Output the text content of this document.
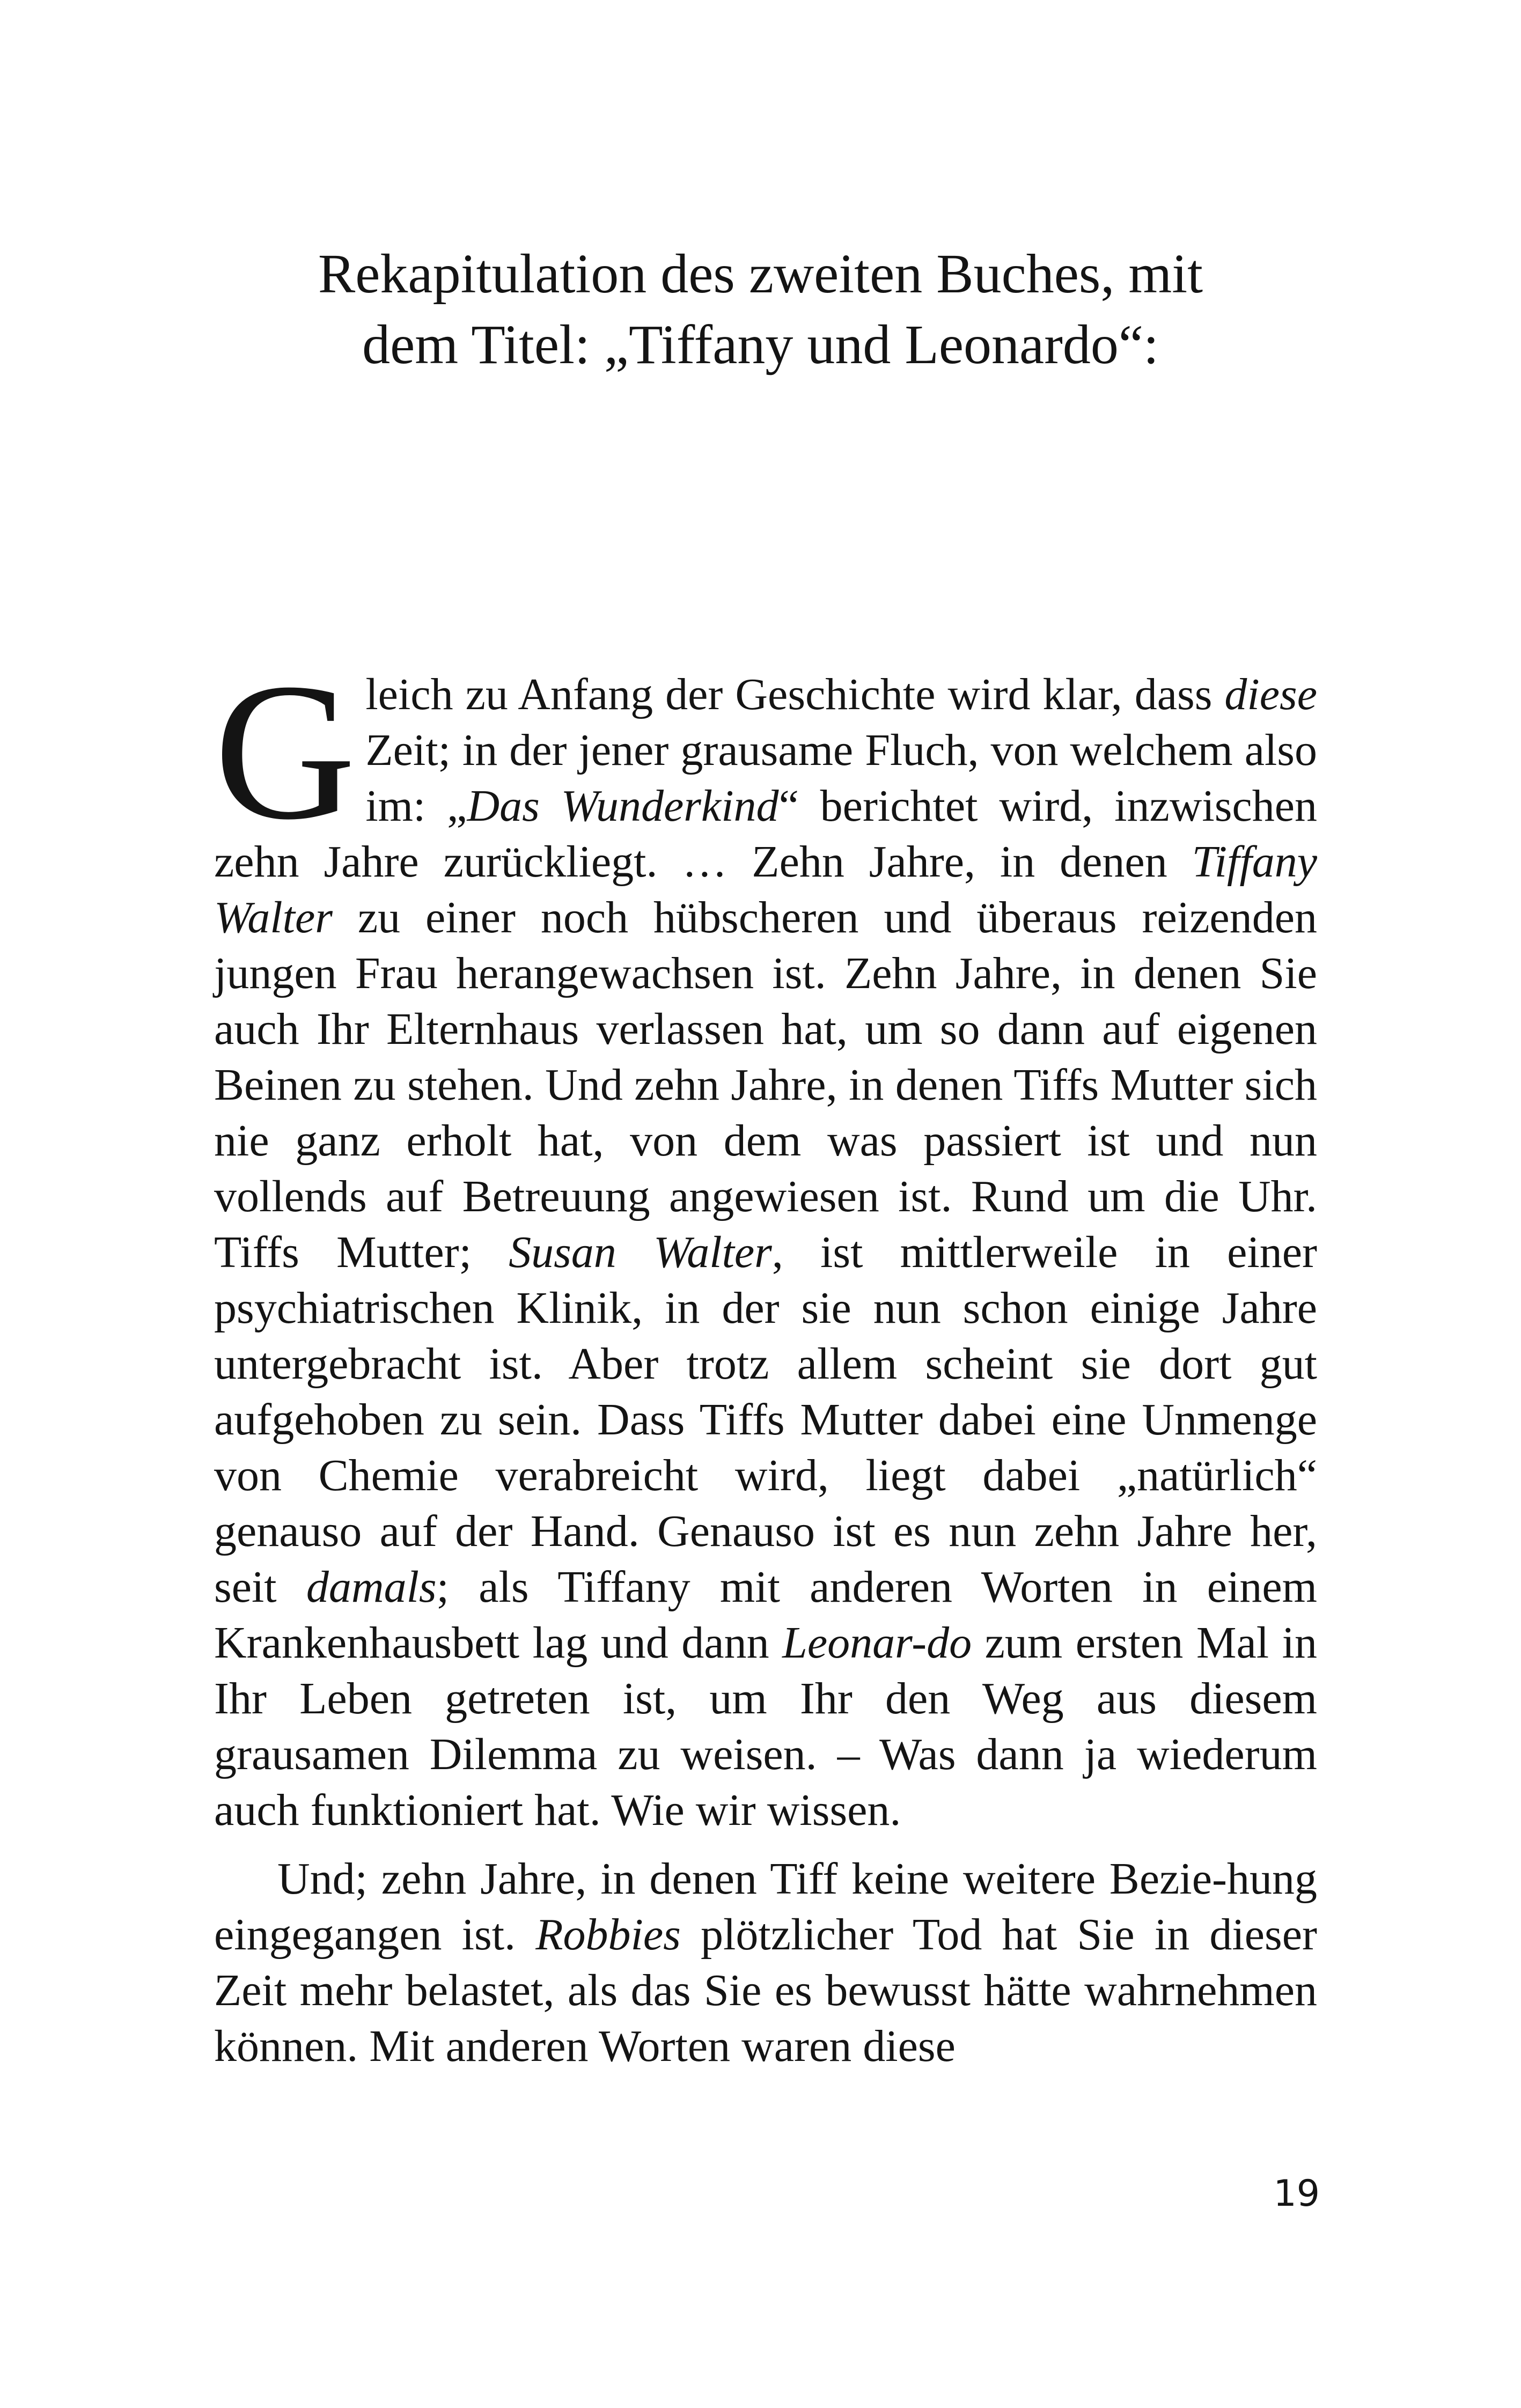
Rekapitulation des zweiten Buches, mit
dem Titel: „Tiffany und Leonardo“:

Gleich zu Anfang der Geschichte wird klar, dass diese Zeit; in der jener grausame Fluch, von welchem also im: „Das Wunderkind“ berichtet wird, inzwischen zehn Jahre zurückliegt. … Zehn Jahre, in denen Tiffany Walter zu einer noch hübscheren und überaus reizenden jungen Frau herangewachsen ist. Zehn Jahre, in denen Sie auch Ihr Elternhaus verlassen hat, um so dann auf eigenen Beinen zu stehen. Und zehn Jahre, in denen Tiffs Mutter sich nie ganz erholt hat, von dem was passiert ist und nun vollends auf Betreuung angewiesen ist. Rund um die Uhr. Tiffs Mutter; Susan Walter, ist mittlerweile in einer psychiatrischen Klinik, in der sie nun schon einige Jahre untergebracht ist. Aber trotz allem scheint sie dort gut aufgehoben zu sein. Dass Tiffs Mutter dabei eine Unmenge von Chemie verabreicht wird, liegt dabei „natürlich“ genauso auf der Hand. Genauso ist es nun zehn Jahre her, seit damals; als Tiffany mit anderen Worten in einem Krankenhausbett lag und dann Leonar-do zum ersten Mal in Ihr Leben getreten ist, um Ihr den Weg aus diesem grausamen Dilemma zu weisen. – Was dann ja wiederum auch funktioniert hat. Wie wir wissen.

Und; zehn Jahre, in denen Tiff keine weitere Bezie-hung eingegangen ist. Robbies plötzlicher Tod hat Sie in dieser Zeit mehr belastet, als das Sie es bewusst hätte wahrnehmen können. Mit anderen Worten waren diese

19
